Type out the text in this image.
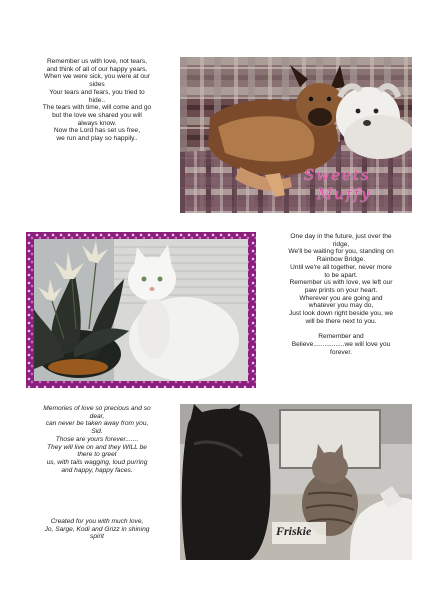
Remember us with love, not tears,
and think of all of our happy years.
When we were sick, you were at our
sides
Your tears and fears, you tried to
hide..
The tears with time, will come and go
but the love we shared you will
always know.
Now the Lord has set us free,
we run and play so happily..
Sweets
Muffy
One day in the future, just over the
ridge,
We'll be waiting for you, standing on
Rainbow Bridge.
Until we're all together, never more
to be apart.
Remember us with love, we left our
paw prints on your heart.
Wherever you are going and
whatever you may do,
Just look down right beside you, we
will be there next to you.

Remember and
Believe.................we will love you
forever.
Memories of love so precious and so
dear,
can never be taken away from you,
Sid.
Those are yours forever.......
They will live on and they WILL be
there to greet
us, with tails wagging, loud purring
and happy, happy faces.
Created for you with much love,
Jo, Sarge, Kodi and Grizz in shining
spirit	Friskie
